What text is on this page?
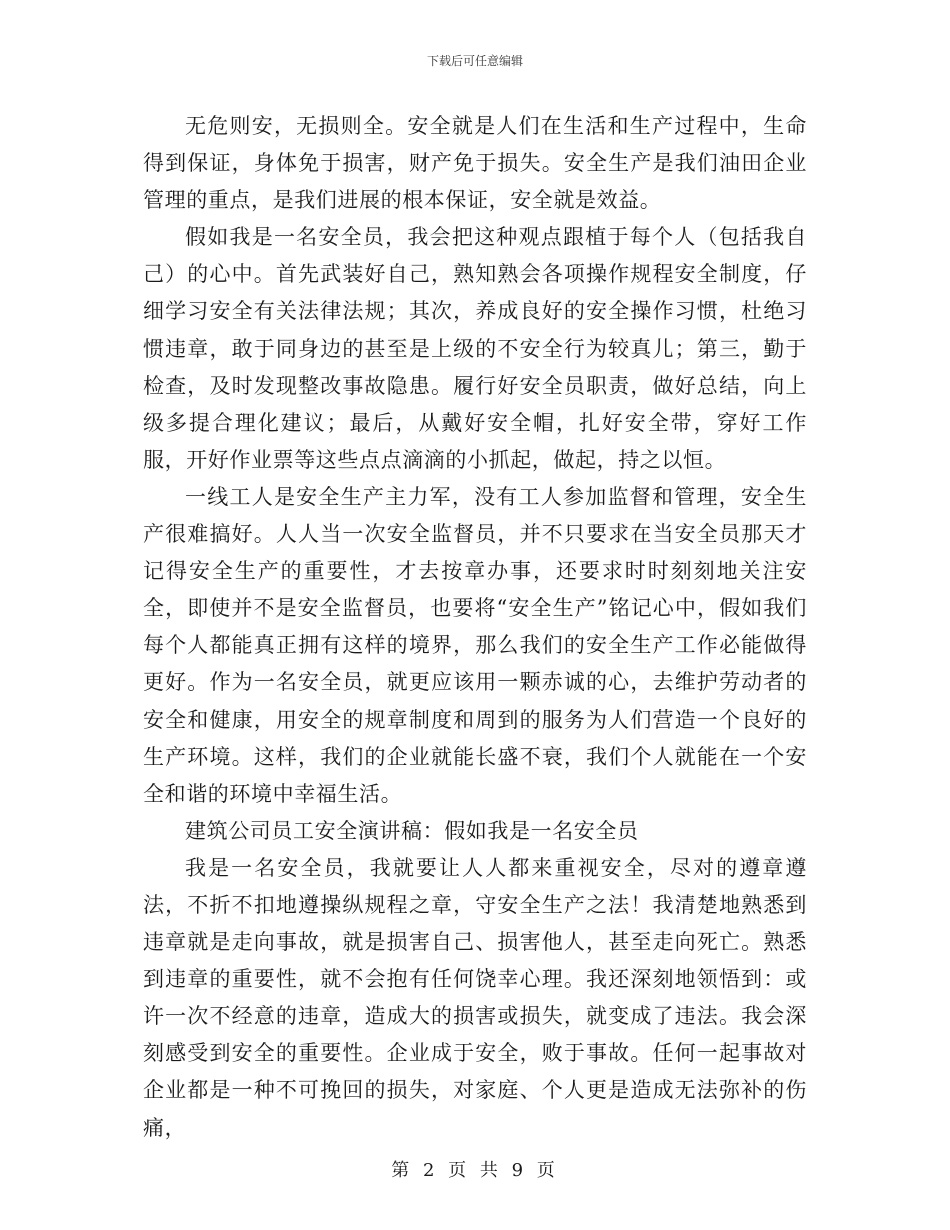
下载后可任意编辑

无危则安，无损则全。安全就是人们在生活和生产过程中，生命得到保证，身体免于损害，财产免于损失。安全生产是我们油田企业管理的重点，是我们进展的根本保证，安全就是效益。

假如我是一名安全员，我会把这种观点跟植于每个人（包括我自己）的心中。首先武装好自己，熟知熟会各项操作规程安全制度，仔细学习安全有关法律法规；其次，养成良好的安全操作习惯，杜绝习惯违章，敢于同身边的甚至是上级的不安全行为较真儿；第三，勤于检查，及时发现整改事故隐患。履行好安全员职责，做好总结，向上级多提合理化建议；最后，从戴好安全帽，扎好安全带，穿好工作服，开好作业票等这些点点滴滴的小抓起，做起，持之以恒。

一线工人是安全生产主力军，没有工人参加监督和管理，安全生产很难搞好。人人当一次安全监督员，并不只要求在当安全员那天才记得安全生产的重要性，才去按章办事，还要求时时刻刻地关注安全，即使并不是安全监督员，也要将“安全生产”铭记心中，假如我们每个人都能真正拥有这样的境界，那么我们的安全生产工作必能做得更好。作为一名安全员，就更应该用一颗赤诚的心，去维护劳动者的安全和健康，用安全的规章制度和周到的服务为人们营造一个良好的生产环境。这样，我们的企业就能长盛不衰，我们个人就能在一个安全和谐的环境中幸福生活。

建筑公司员工安全演讲稿：假如我是一名安全员

我是一名安全员，我就要让人人都来重视安全，尽对的遵章遵法，不折不扣地遵操纵规程之章，守安全生产之法！我清楚地熟悉到违章就是走向事故，就是损害自己、损害他人，甚至走向死亡。熟悉到违章的重要性，就不会抱有任何饶幸心理。我还深刻地领悟到：或许一次不经意的违章，造成大的损害或损失，就变成了违法。我会深刻感受到安全的重要性。企业成于安全，败于事故。任何一起事故对企业都是一种不可挽回的损失，对家庭、个人更是造成无法弥补的伤痛，

第 2 页 共 9 页
